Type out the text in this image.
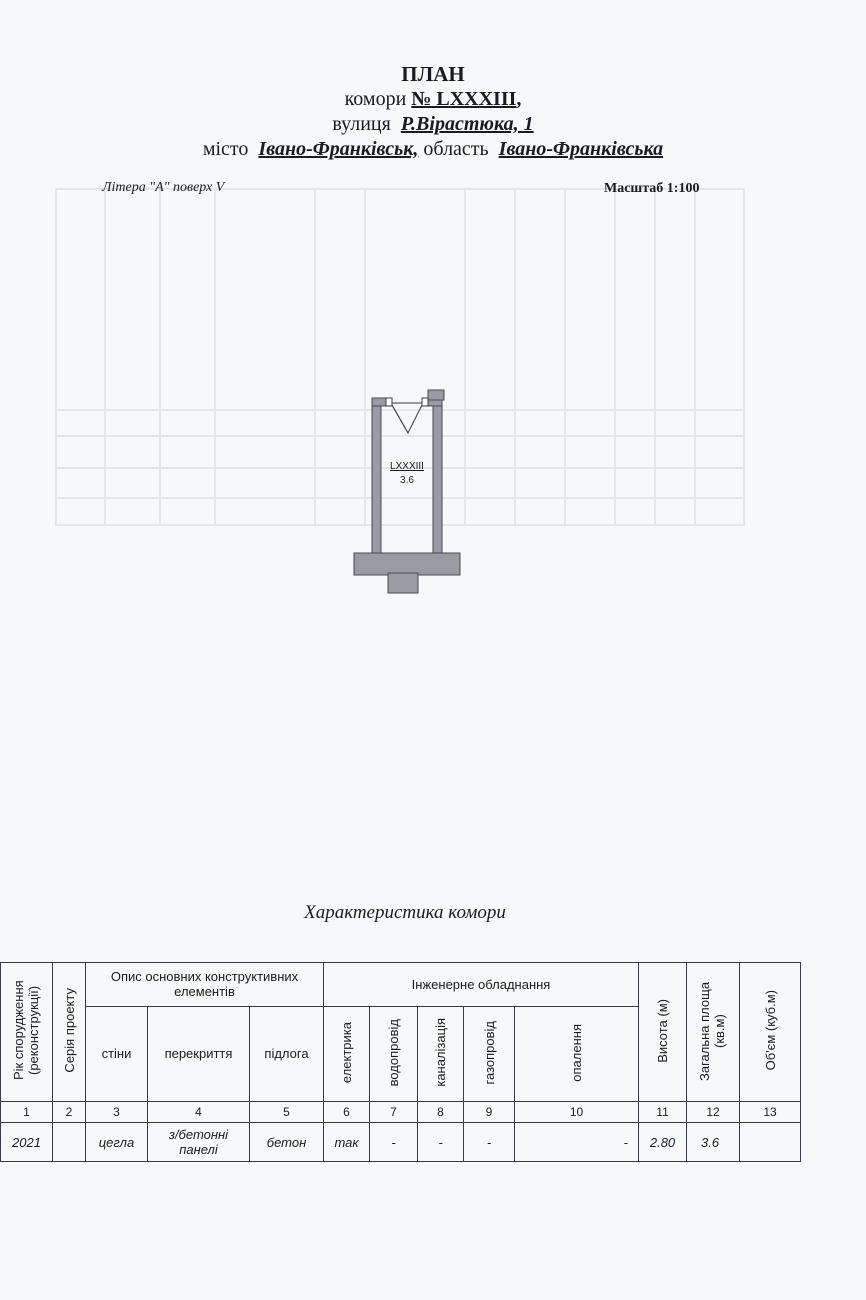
ПЛАН
комори № LXXXIII,
вулиця Р.Вірастюка, 1
місто Івано-Франківськ, область Івано-Франківська
Літера "А" поверх V	Масштаб 1:100
LXXXIII
3.6
Характеристика комори
Рік спорудження (реконструкції)	Серія проекту	Опис основних конструктивних елементів			Інженерне обладнання					Висота (м)	Загальна площа (кв.м)	Об'єм (куб.м)
		стіни	перекриття	підлога	електрика	водопровід	каналізація	газопровід	опалення			
1	2	3	4	5	6	7	8	9	10	11	12	13
2021		цегла	з/бетонні панелі	бетон	так	-	-	-	-	2.80	3.6	
